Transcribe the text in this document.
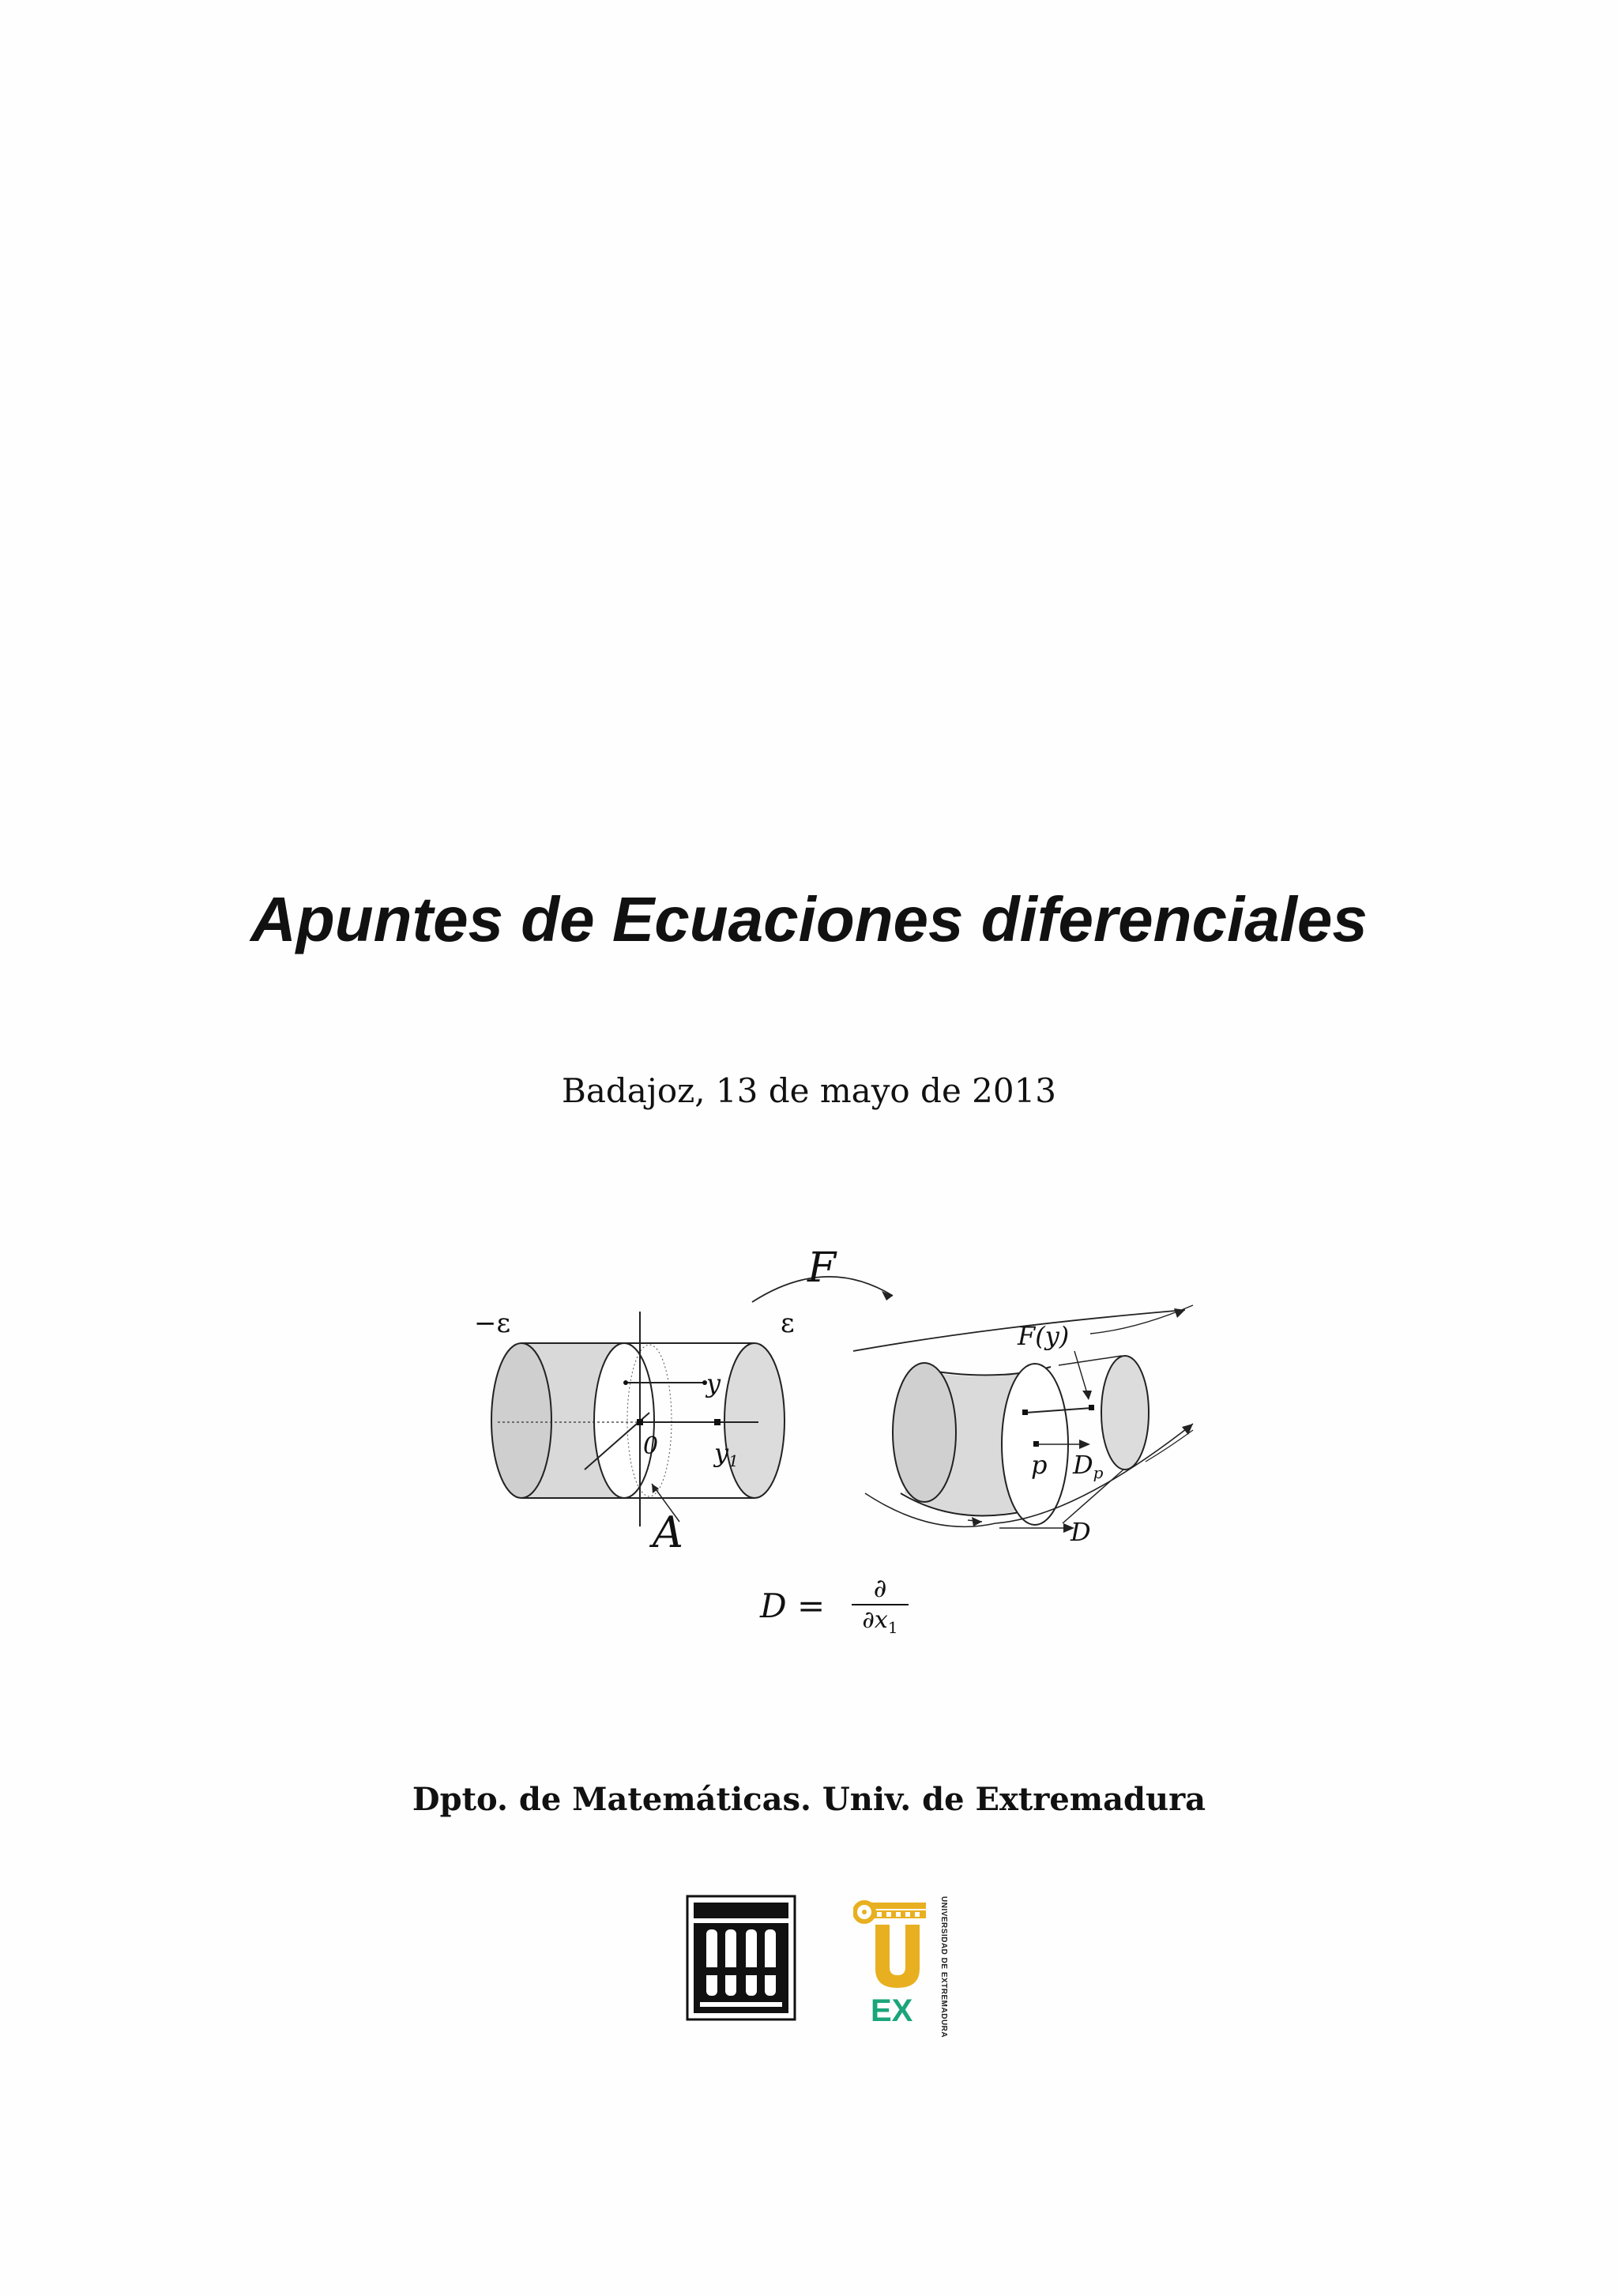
Apuntes de Ecuaciones diferenciales
Badajoz, 13 de mayo de 2013
F
−ε	ε
y
0 y1
A
F(y)
p Dp
D
D =	∂
$\partial x_1$
Dpto. de Matemáticas. Univ. de Extremadura
EX	UNIVERSIDAD DE EXTREMADURA
